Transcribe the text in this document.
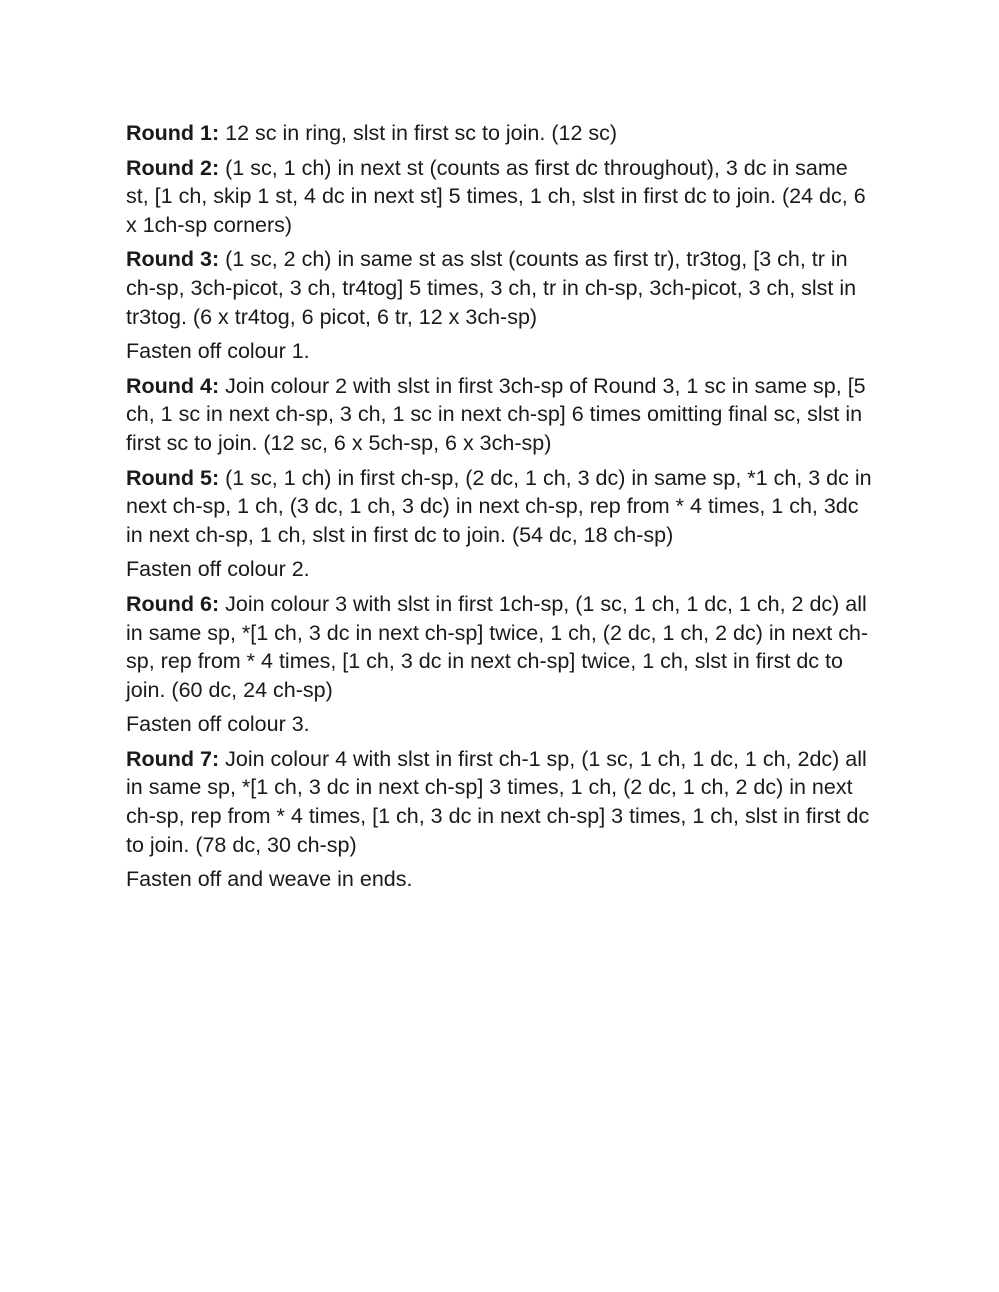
Round 1: 12 sc in ring, slst in first sc to join. (12 sc)

Round 2: (1 sc, 1 ch) in next st (counts as first dc throughout), 3 dc in same st, [1 ch, skip 1 st, 4 dc in next st] 5 times, 1 ch, slst in first dc to join. (24 dc, 6 x 1ch-sp corners)

Round 3: (1 sc, 2 ch) in same st as slst (counts as first tr), tr3tog, [3 ch, tr in ch-sp, 3ch-picot, 3 ch, tr4tog] 5 times, 3 ch, tr in ch-sp, 3ch-picot, 3 ch, slst in tr3tog. (6 x tr4tog, 6 picot, 6 tr, 12 x 3ch-sp)

Fasten off colour 1.

Round 4: Join colour 2 with slst in first 3ch-sp of Round 3, 1 sc in same sp, [5 ch, 1 sc in next ch-sp, 3 ch, 1 sc in next ch-sp] 6 times omitting final sc, slst in first sc to join. (12 sc, 6 x 5ch-sp, 6 x 3ch-sp)

Round 5: (1 sc, 1 ch) in first ch-sp, (2 dc, 1 ch, 3 dc) in same sp, *1 ch, 3 dc in next ch-sp, 1 ch, (3 dc, 1 ch, 3 dc) in next ch-sp, rep from * 4 times, 1 ch, 3dc in next ch-sp, 1 ch, slst in first dc to join. (54 dc, 18 ch-sp)

Fasten off colour 2.

Round 6: Join colour 3 with slst in first 1ch-sp, (1 sc, 1 ch, 1 dc, 1 ch, 2 dc) all in same sp, *[1 ch, 3 dc in next ch-sp] twice, 1 ch, (2 dc, 1 ch, 2 dc) in next ch-sp, rep from * 4 times, [1 ch, 3 dc in next ch-sp] twice, 1 ch, slst in first dc to join. (60 dc, 24 ch-sp)

Fasten off colour 3.

Round 7: Join colour 4 with slst in first ch-1 sp, (1 sc, 1 ch, 1 dc, 1 ch, 2dc) all in same sp, *[1 ch, 3 dc in next ch-sp] 3 times, 1 ch, (2 dc, 1 ch, 2 dc) in next ch-sp, rep from * 4 times, [1 ch, 3 dc in next ch-sp] 3 times, 1 ch, slst in first dc to join. (78 dc, 30 ch-sp)

Fasten off and weave in ends.
